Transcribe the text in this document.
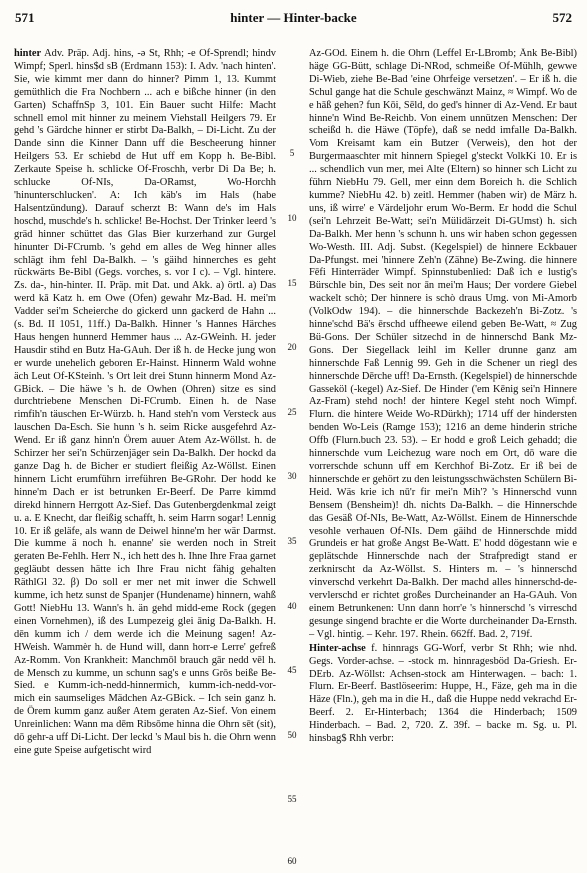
571	hinter — Hinter-backe	572

hinter Adv. Präp. Adj. hins, -ə St, Rhh; -e Of-Sprendl; hindv Wimpf; Sperl. hins$d sB (Erdmann 153): I. Adv. 'nach hinten'. Sie, wie kimmt mer dann do hinner? Pimm 1, 13. Kummt gemüthlich die Fra Nochbern ... ach e bißche hinner (in den Garten) SchaffnSp 3, 101. Ein Bauer sucht Hilfe: Macht schnell emol mit hinner zu meinem Viehstall Heilgers 79. Er gehd 's Gärdche hinner er stirbt Da-Balkh, – Di-Licht. Zu der Dande sinn die Kinner Dann uff die Bescheerung hinner Heilgers 53. Er schiebd de Hut uff em Kopp h. Be-Bibl. Zerkaute Speise h. schlicke Of-Froschh, verbr Di Da Be; h. schlucke Of-NIs, Da-ORamst, Wo-Horchh 'hinunterschlucken'. A: Ich käb's im Hals (habe Halsentzündung). Darauf scherzt B: Wann de's im Hals hoschd, muschde's h. schlicke! Be-Hochst. Der Trinker leerd 's gräd hinner schüttet das Glas Bier kurzerhand zur Gurgel hinunter Di-FCrumb. 's gehd em alles de Weg hinner alles schlägt ihm fehl Da-Balkh. – 's gäihd hinnerches es geht rückwärts Be-Bibl (Gegs. vorches, s. vor I c). – Vgl. hintere. Zs. da-, hin-hinter. II. Präp. mit Dat. und Akk. a) örtl. a) Das werd kā Katz h. em Owe (Ofen) gewahr Mz-Bad. H. mei'm Vadder sei'm Scheierche do gickerd unn gackerd de Hahn ... (s. Bd. II 1051, 11ff.) Da-Balkh. Hinner 's Hannes Härches Haus hengen hunnerd Hemmer haus ... Az-GWeinh. H. jeder Hausdir stihd en Butz Ha-GAuh. Der iß h. de Hecke jung won er wurde unehelich geboren Er-Hainst. Hinnerm Wald wohne äch Leut Of-KSteinh. 's Ort leit drei Stunn hinnerm Mond Az-GBick. – Die häwe 's h. de Owhen (Ohren) sitze es sind durchtriebene Menschen Di-FCrumb. Einen h. de Nase rimfih'n täuschen Er-Würzb. h. Hand steh'n vom Versteck aus lauschen Da-Esch. Sie hunn 's h. seim Ricke ausgefehrd Az-Wend. Er iß ganz hinn'n Örem auuer Atem Az-Wöllst. h. de Schirzer her sei'n Schürzenjäger sein Da-Balkh. Der hockd da ganze Dag h. de Bicher er studiert fleißig Az-Wöllst. Einen hinnern Licht erumführn irreführen Be-GRohr. Der hodd ke hinne'm Dach er ist betrunken Er-Beerf. De Parre kimmd direkd hinnern Herrgott Az-Sief. Das Gutenbergdenkmal zeigt u. a. E Knecht, dar fleißig schafft, h. seim Harrn sogar! Lennig 10. Er iß geläfe, als wann de Deiwel hinne'm her wär Darmst. Die kumme ä noch h. enanne' sie werden noch in Streit geraten Be-Fehlh. Herr N., ich hett des h. Ihne Ihre Fraa garnet gegläubt dessen hätte ich Ihre Frau nicht fähig gehalten RäthlGl 32. β) Do soll er mer net mit inwer die Schwell kumme, ich hetz sunst de Spanjer (Hundename) hinnern, wahß Gott! NiebHu 13. Wann's h. än gehd midd-eme Rock (gegen einen Vornehmen), iß des Lumpezeig glei ānig Da-Balkh. H. dēn kumm ich / dem werde ich die Meinung sagen! Az-HWeish. Wammèr h. de Hund will, dann horr-e Lerre' gefreß Az-Romm. Von Krankheit: Manchmōl brauch gār nedd vēl h. de Mensch zu kumme, un schunn sag's e unns Grōs beiße Be-Sied. e Kumm-ich-nedd-hinnermich, kumm-ich-nedd-vor-mich ein saumseliges Mädchen Az-GBick. – Ich sein ganz h. de Örem kumm ganz außer Atem geraten Az-Sief. Von einem Unreinlichen: Wann ma dēm Ribsōme hinna die Ohrn sēt (sit), dō gehr-a uff Di-Licht. Der leckd 's Maul bis h. die Ohrn wenn eine gute Speise aufgetischt wird

5
10
15
20
25
30
35
40
45
50
55
60

Az-GOd. Einem h. die Ohrn (Leffel Er-LBromb; Änk Be-Bibl) häge GG-Bütt, schlage Di-NRod, schmeiße Of-Mühlh, gewwe Di-Wieb, ziehe Be-Bad 'eine Ohrfeige versetzen'. – Er iß h. die Schul gange hat die Schule geschwänzt Mainz, ≈ Wimpf. Wo de e hāß gehen? fun Kōi, Sēld, do ged's hinner di Az-Vend. Er baut hinne'n Wind Be-Reichb. Von einem unnützen Menschen: Der scheißd h. die Häwe (Töpfe), daß se nedd imfalle Da-Balkh. Vom Kreisamt kam ein Butzer (Verweis), den hot der Burgermaaschter mit hinnern Spiegel g'steckt VolkKi 10. Er is ... schendlich vun mer, mei Alte (Eltern) so hinner sch Licht zu führn NiebHu 79. Gell, mer einn dem Boreich h. die Schlich kumme? NiebHu 42. b) zeitl. Hemmer (haben wir) de März h. uns, iß wirre' e Värdeljohr erum Wo-Berm. Er hodd die Schul (sei'n Lehrzeit Be-Watt; sei'n Mülidärzeit Di-GUmst) h. sich Da-Balkh. Mer henn 's schunn h. uns wir haben schon gegessen Wo-Westh. III. Adj. Subst. (Kegelspiel) de hinnere Eckbauer Da-Pfungst. mei 'hinnere Zeh'n (Zähne) Be-Zwing. die hinnere Fēfi Hinterräder Wimpf. Spinnstubenlied: Daß ich e lustig's Bürschle bin, Des seit nor ān mei'm Haus; Der vordere Giebel wackelt schò; Der hinnere is schò draus Umg. von Mi-Amorb (VolkOdw 194). – die hinnerschde Backezeh'n Bi-Zotz. 's hinne'schd Bä's ērschd uffheewe eilend geben Be-Watt, ≈ Zug Bü-Gons. Der Schüler sitzechd in de hinnerschd Bank Mz-Gons. Der Siegellack leihl im Keller drunne ganz am hinnerschde Faß Lennig 99. Geh in die Schener un riegl des hinnerschde Dērche uff! Da-Ernsth. (Kegelspiel) de hinnerschde Gasseköl (-kegel) Az-Sief. De Hinder ('em Kēnig sei'n Hinnere Az-Fram) stehd noch! der hintere Kegel steht noch Wimpf. Flurn. die hintere Weide Wo-RDürkh); 1714 uff der hindersten benden Wo-Leis (Ramge 153); 1216 an deme hinderin striche Offb (Flurn.buch 23. 53). – Er hodd e groß Leich gehadd; die hinnerschde vum Leichezug ware noch em Ort, dō ware die vorrerschde schunn uff em Kerchhof Bi-Zotz. Er iß bei de hinnerschde er gehört zu den leistungsschwächsten Schülern Bi-Heid. Wäs krie ich nū'r fir mei'n Mih'? 's Hinnerschd vunn Bensem (Bensheim)! dh. nichts Da-Balkh. – die Hinnerschde das Gesäß Of-NIs, Be-Watt, Az-Wöllst. Einem de Hinnerschde vesohle verhauen Of-NIs. Dem gäihd de Hinnerschde midd Grundeis er hat große Angst Be-Watt. E' hodd dögestann wie e geplätschde Hinnerschde nach der Strafpredigt stand er zerknirscht da Az-Wöllst. S. Hinters m. – 's hinnerschd vinverschd verkehrt Da-Balkh. Der machd alles hinnerschd-de-vervlerschd er richtet großes Durcheinander an Ha-GAuh. Von einem Betrunkenen: Unn dann horr'e 's hinnerschd 's virreschd gesunge singend brachte er die Worte durcheinander Da-Ernsth. – Vgl. hintig. – Kehr. 197. Rhein. 662ff. Bad. 2, 719f.

Hinter-achse f. hinnrags GG-Worf, verbr St Rhh; wie nhd. Gegs. Vorder-achse. – -stock m. hinnragesböd Da-Griesh. Er-DErb. Az-Wöllst: Achsen-stock am Hinterwagen. – bach: 1. Flurn. Er-Beerf. Bastlöseerim: Huppe, H., Fäze, geh ma in die Häze (Fln.), geh ma in die H., daß die Huppe nedd vekrachd Er-Beerf. 2. Er-Hinterbach; 1364 die Hinderbach; 1509 Hinderbach. – Bad. 2, 720. Z. 39f. – backe m. Sg. u. Pl. hinsbag$ Rhh verbr:
